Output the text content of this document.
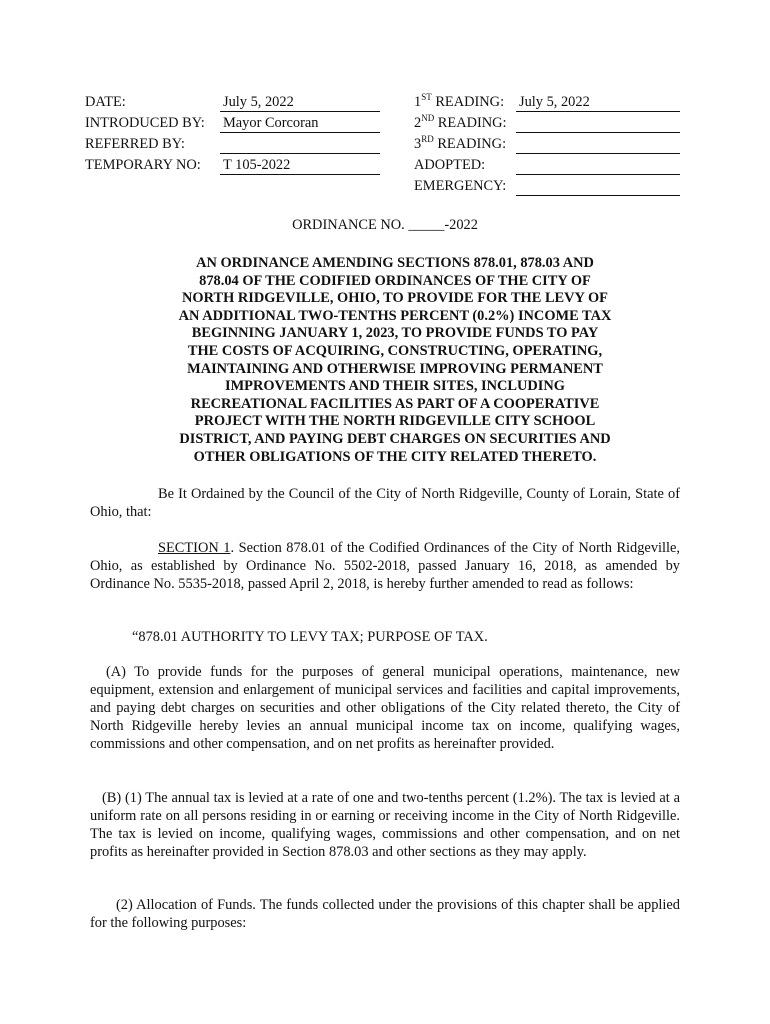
DATE:	July 5, 2022
INTRODUCED BY: Mayor Corcoran
REFERRED BY:
TEMPORARY NO: T 105-2022
1ST READING: July 5, 2022
2ND READING:
3RD READING:
ADOPTED:
EMERGENCY:
ORDINANCE NO. _____-2022
AN ORDINANCE AMENDING SECTIONS 878.01, 878.03 AND
878.04 OF THE CODIFIED ORDINANCES OF THE CITY OF
NORTH RIDGEVILLE, OHIO, TO PROVIDE FOR THE LEVY OF
AN ADDITIONAL TWO-TENTHS PERCENT (0.2%) INCOME TAX
BEGINNING JANUARY 1, 2023, TO PROVIDE FUNDS TO PAY
THE COSTS OF ACQUIRING, CONSTRUCTING, OPERATING,
MAINTAINING AND OTHERWISE IMPROVING PERMANENT
IMPROVEMENTS AND THEIR SITES, INCLUDING
RECREATIONAL FACILITIES AS PART OF A COOPERATIVE
PROJECT WITH THE NORTH RIDGEVILLE CITY SCHOOL
DISTRICT, AND PAYING DEBT CHARGES ON SECURITIES AND
OTHER OBLIGATIONS OF THE CITY RELATED THERETO.
Be It Ordained by the Council of the City of North Ridgeville, County of Lorain, State of Ohio, that:
SECTION 1. Section 878.01 of the Codified Ordinances of the City of North Ridgeville, Ohio, as established by Ordinance No. 5502-2018, passed January 16, 2018, as amended by Ordinance No. 5535-2018, passed April 2, 2018, is hereby further amended to read as follows:
“878.01 AUTHORITY TO LEVY TAX; PURPOSE OF TAX.
(A) To provide funds for the purposes of general municipal operations, maintenance, new equipment, extension and enlargement of municipal services and facilities and capital improvements, and paying debt charges on securities and other obligations of the City related thereto, the City of North Ridgeville hereby levies an annual municipal income tax on income, qualifying wages, commissions and other compensation, and on net profits as hereinafter provided.
(B) (1) The annual tax is levied at a rate of one and two-tenths percent (1.2%). The tax is levied at a uniform rate on all persons residing in or earning or receiving income in the City of North Ridgeville. The tax is levied on income, qualifying wages, commissions and other compensation, and on net profits as hereinafter provided in Section 878.03 and other sections as they may apply.
(2) Allocation of Funds. The funds collected under the provisions of this chapter shall be applied for the following purposes:
